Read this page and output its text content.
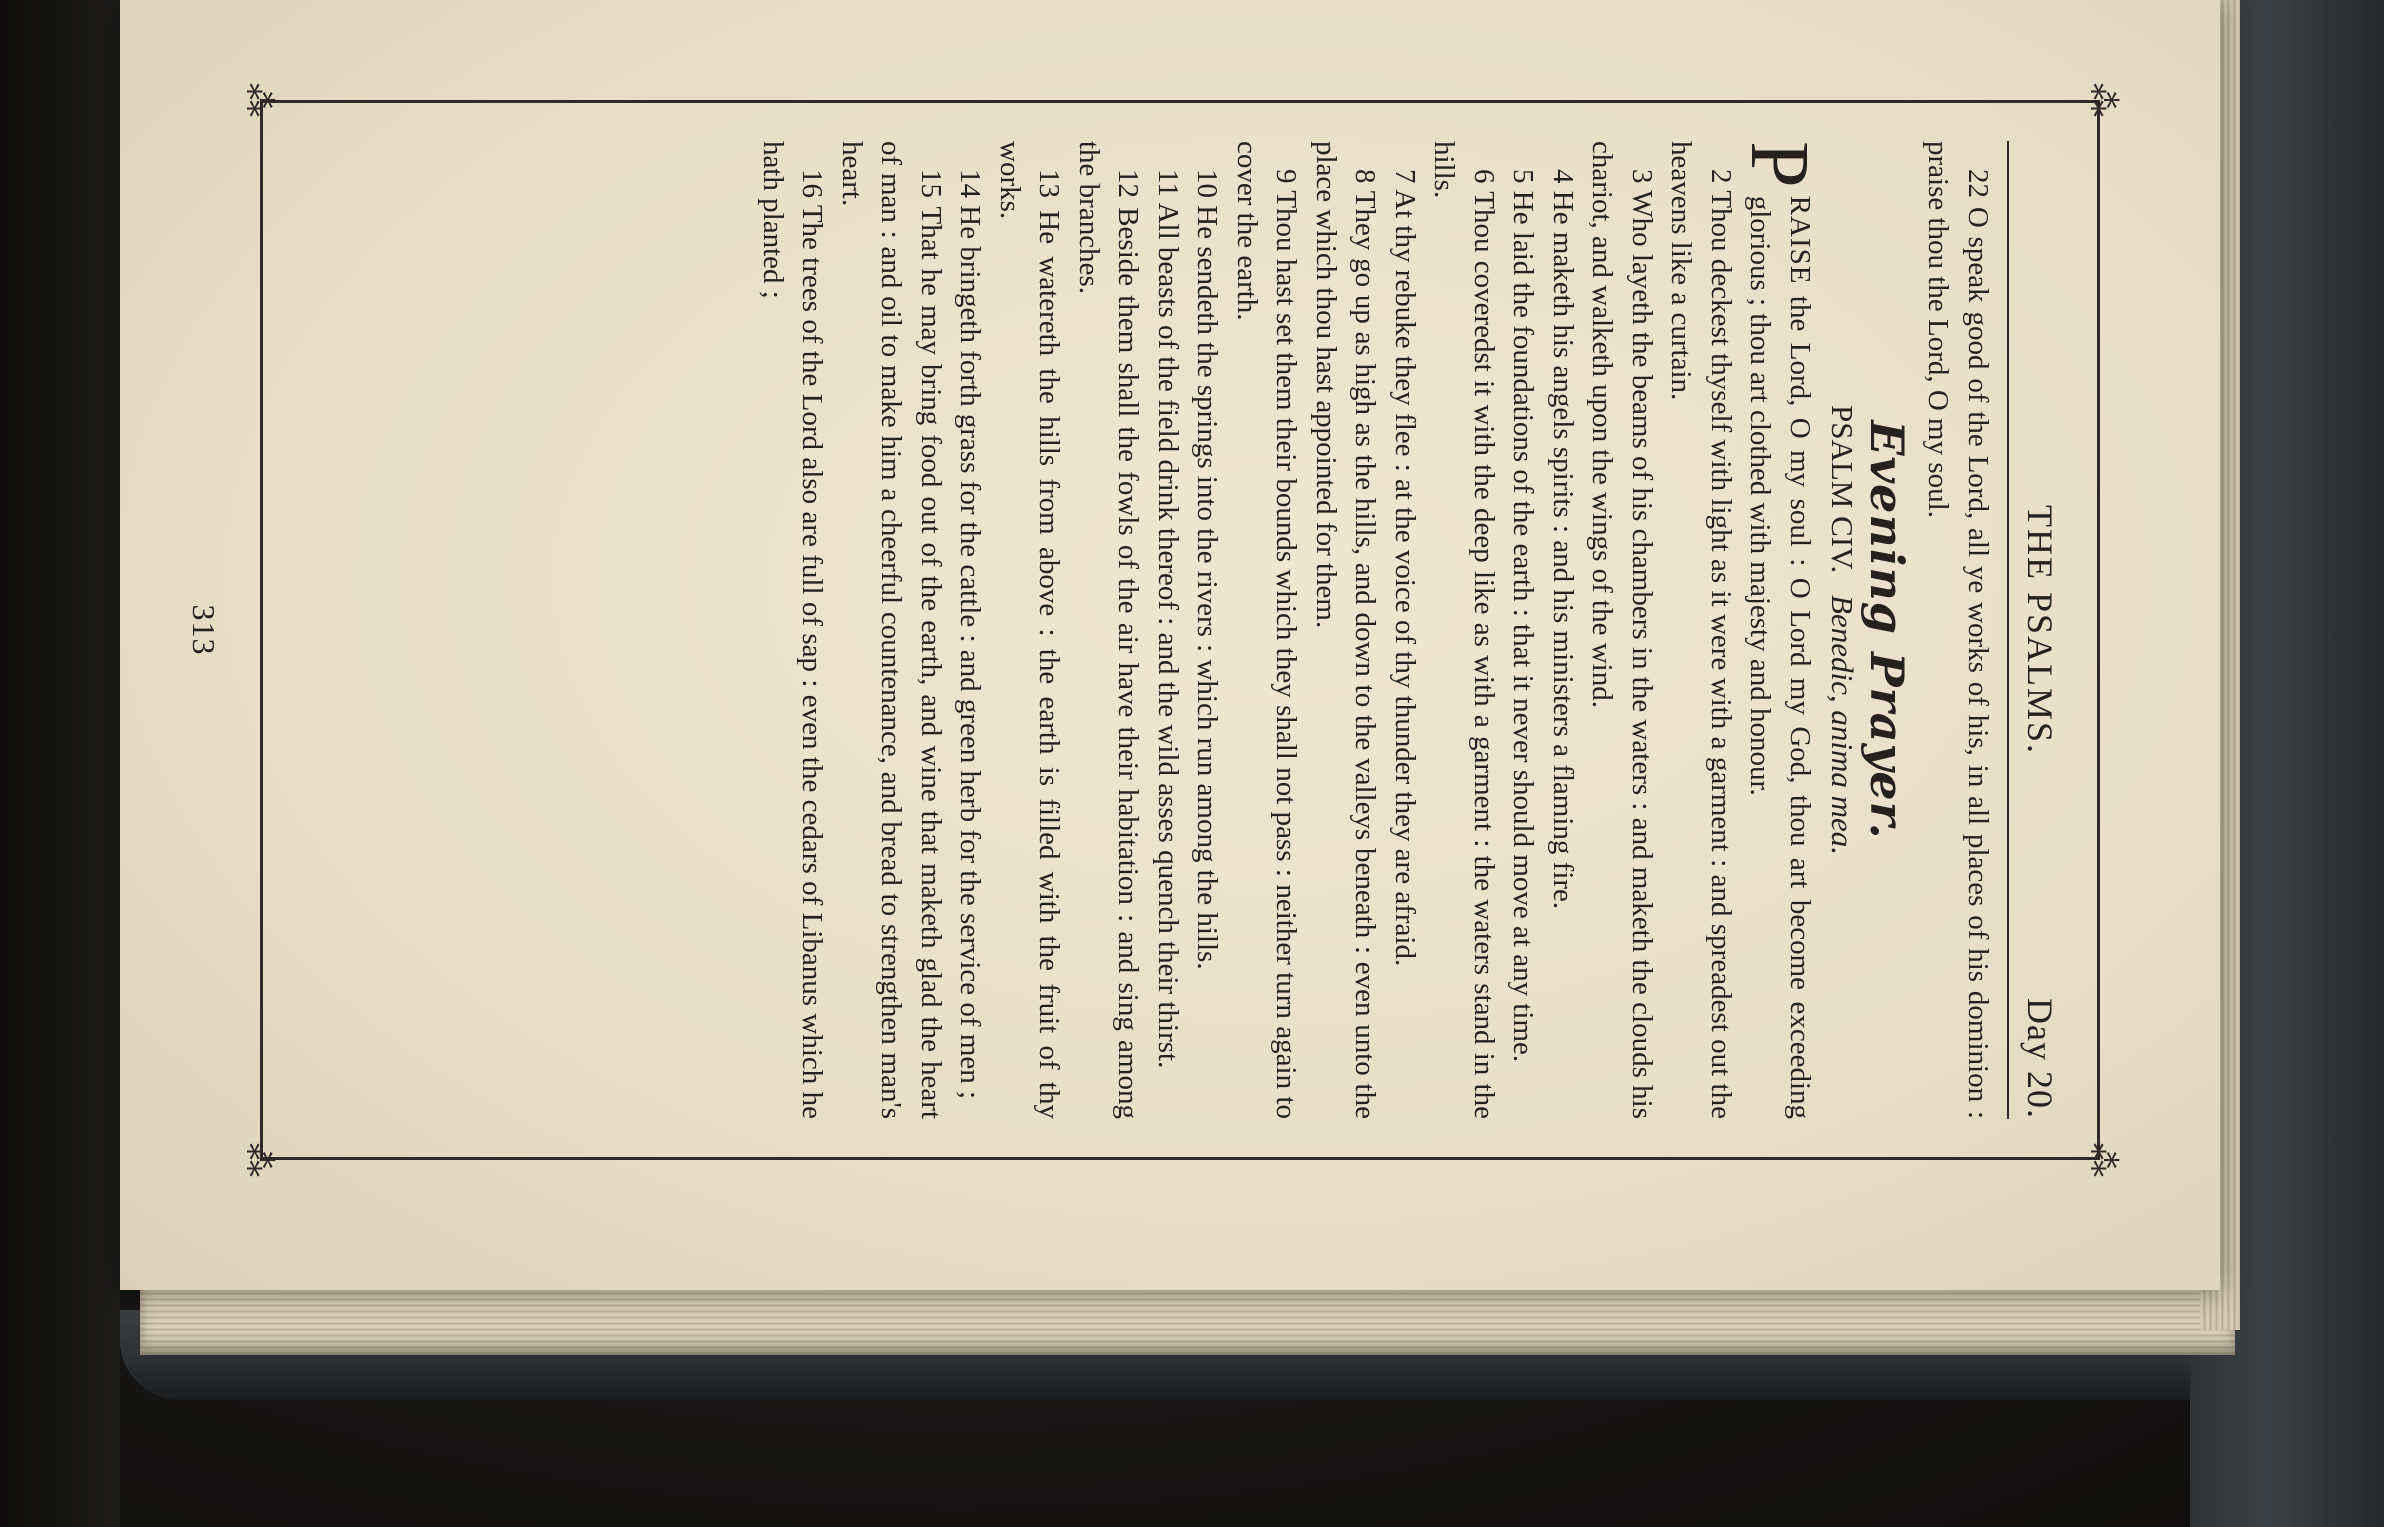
⁂
⁂
⁂
⁂
THE PSALMS.
Day 20.

22 O speak good of the Lord, all ye works of his, in all places of his dominion : praise thou the Lord, O my soul.

Evening Prayer.
PSALM CIV. Benedic, anima mea.

P
RAISE the Lord, O my soul : O Lord my God, thou art become exceeding glorious ; thou art clothed with majesty and honour.

2 Thou deckest thyself with light as it were with a garment : and spreadest out the heavens like a curtain.

3 Who layeth the beams of his chambers in the waters : and maketh the clouds his chariot, and walketh upon the wings of the wind.

4 He maketh his angels spirits : and his ministers a flaming fire.

5 He laid the foundations of the earth : that it never should move at any time.

6 Thou coveredst it with the deep like as with a garment : the waters stand in the hills.

7 At thy rebuke they flee : at the voice of thy thunder they are afraid.

8 They go up as high as the hills, and down to the valleys beneath : even unto the place which thou hast appointed for them.

9 Thou hast set them their bounds which they shall not pass : neither turn again to cover the earth.

10 He sendeth the springs into the rivers : which run among the hills.

11 All beasts of the field drink thereof : and the wild asses quench their thirst.

12 Beside them shall the fowls of the air have their habitation : and sing among the branches.

13 He watereth the hills from above : the earth is filled with the fruit of thy works.

14 He bringeth forth grass for the cattle : and green herb for the service of men ;

15 That he may bring food out of the earth, and wine that maketh glad the heart of man : and oil to make him a cheerful countenance, and bread to strengthen man's heart.

16 The trees of the Lord also are full of sap : even the cedars of Libanus which he hath planted ;

313
